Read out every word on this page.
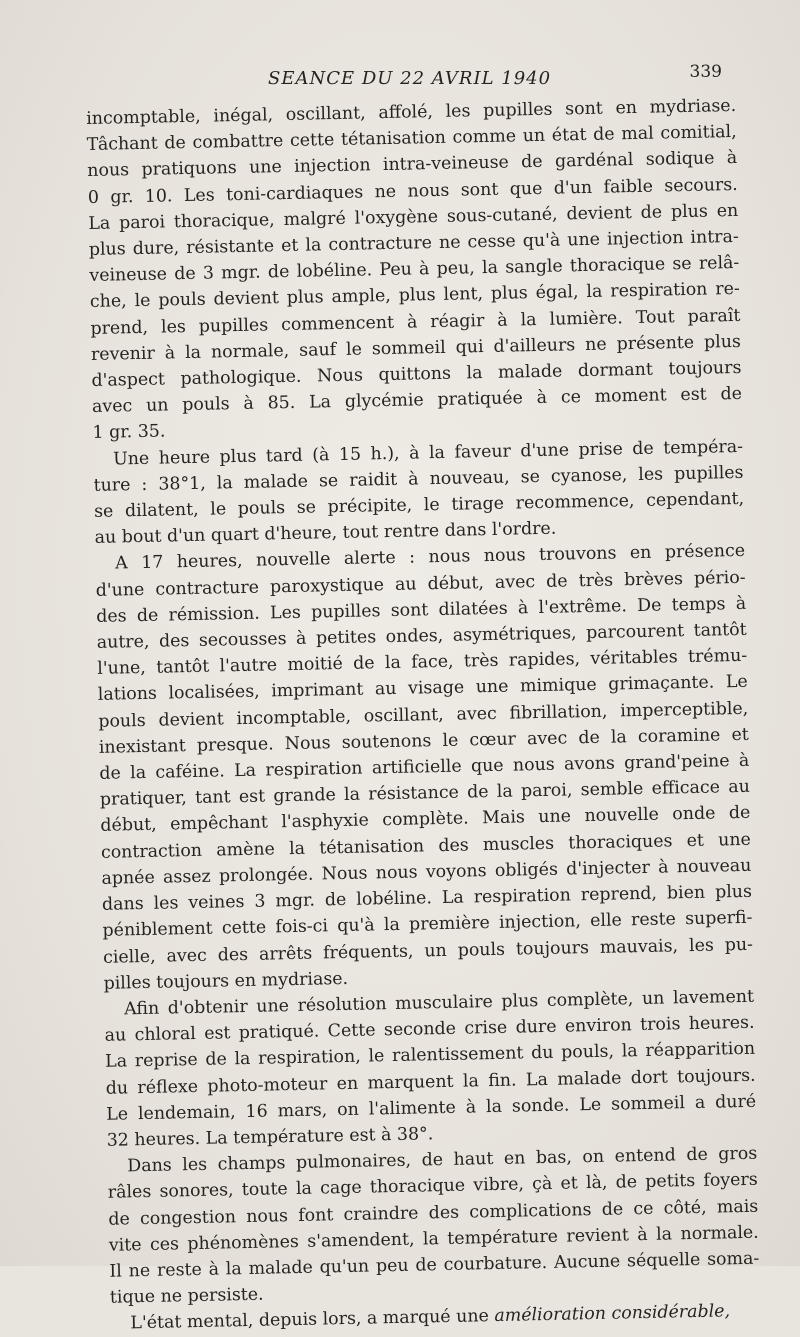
SEANCE DU 22 AVRIL 1940	339

incomptable, inégal, oscillant, affolé, les pupilles sont en mydriase.
Tâchant de combattre cette tétanisation comme un état de mal comitial,
nous pratiquons une injection intra-veineuse de gardénal sodique à
0 gr. 10. Les toni-cardiaques ne nous sont que d'un faible secours.
La paroi thoracique, malgré l'oxygène sous-cutané, devient de plus en
plus dure, résistante et la contracture ne cesse qu'à une injection intra-
veineuse de 3 mgr. de lobéline. Peu à peu, la sangle thoracique se relâ-
che, le pouls devient plus ample, plus lent, plus égal, la respiration re-
prend, les pupilles commencent à réagir à la lumière. Tout paraît
revenir à la normale, sauf le sommeil qui d'ailleurs ne présente plus
d'aspect pathologique. Nous quittons la malade dormant toujours
avec un pouls à 85. La glycémie pratiquée à ce moment est de
1 gr. 35.

Une heure plus tard (à 15 h.), à la faveur d'une prise de tempéra-
ture : 38°1, la malade se raidit à nouveau, se cyanose, les pupilles
se dilatent, le pouls se précipite, le tirage recommence, cependant,
au bout d'un quart d'heure, tout rentre dans l'ordre.

A 17 heures, nouvelle alerte : nous nous trouvons en présence
d'une contracture paroxystique au début, avec de très brèves pério-
des de rémission. Les pupilles sont dilatées à l'extrême. De temps à
autre, des secousses à petites ondes, asymétriques, parcourent tantôt
l'une, tantôt l'autre moitié de la face, très rapides, véritables trému-
lations localisées, imprimant au visage une mimique grimaçante. Le
pouls devient incomptable, oscillant, avec fibrillation, imperceptible,
inexistant presque. Nous soutenons le cœur avec de la coramine et
de la caféine. La respiration artificielle que nous avons grand'peine à
pratiquer, tant est grande la résistance de la paroi, semble efficace au
début, empêchant l'asphyxie complète. Mais une nouvelle onde de
contraction amène la tétanisation des muscles thoraciques et une
apnée assez prolongée. Nous nous voyons obligés d'injecter à nouveau
dans les veines 3 mgr. de lobéline. La respiration reprend, bien plus
péniblement cette fois-ci qu'à la première injection, elle reste superfi-
cielle, avec des arrêts fréquents, un pouls toujours mauvais, les pu-
pilles toujours en mydriase.

Afin d'obtenir une résolution musculaire plus complète, un lavement
au chloral est pratiqué. Cette seconde crise dure environ trois heures.
La reprise de la respiration, le ralentissement du pouls, la réapparition
du réflexe photo-moteur en marquent la fin. La malade dort toujours.
Le lendemain, 16 mars, on l'alimente à la sonde. Le sommeil a duré
32 heures. La température est à 38°.

Dans les champs pulmonaires, de haut en bas, on entend de gros
râles sonores, toute la cage thoracique vibre, çà et là, de petits foyers
de congestion nous font craindre des complications de ce côté, mais
vite ces phénomènes s'amendent, la température revient à la normale.
Il ne reste à la malade qu'un peu de courbature. Aucune séquelle soma-
tique ne persiste.

L'état mental, depuis lors, a marqué une amélioration considérable,
